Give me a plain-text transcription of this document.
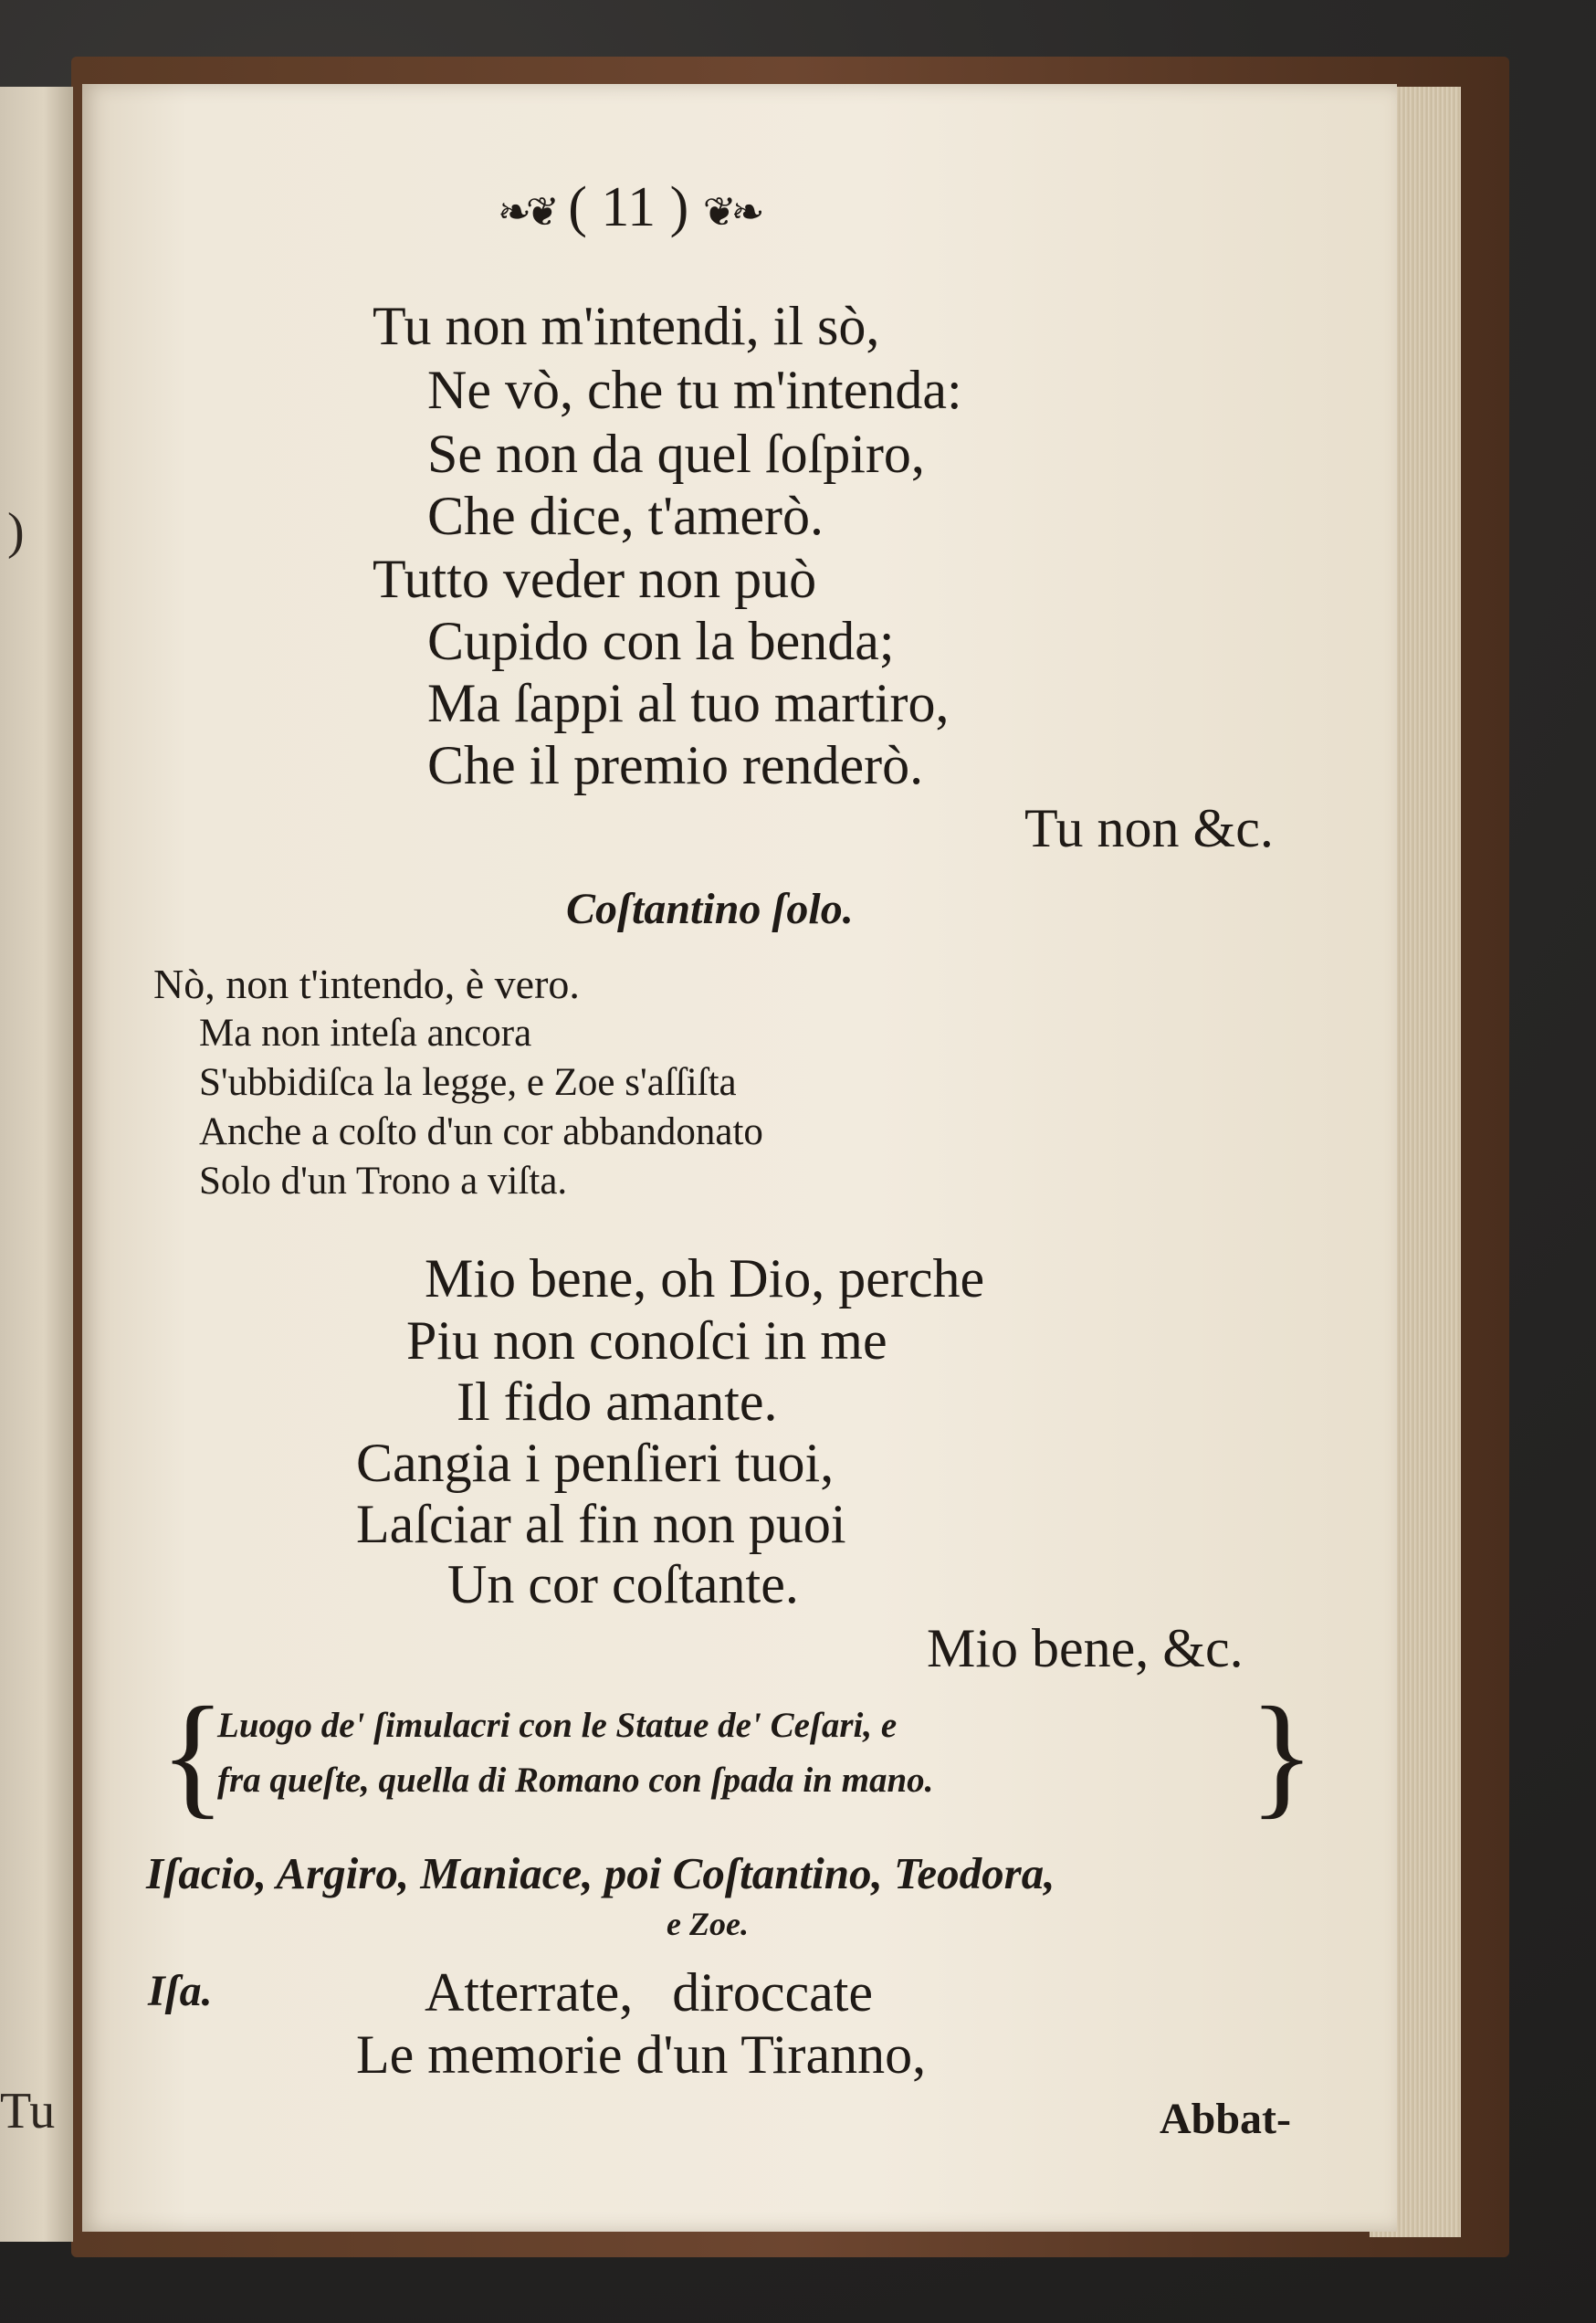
)
Tu
❧❦ ( 11 ) ❦❧
Tu non m'intendi, il sò,
Ne vò, che tu m'intenda:
Se non da quel ſoſpiro,
Che dice, t'amerò.
Tutto veder non può
Cupido con la benda;
Ma ſappi al tuo martiro,
Che il premio renderò.
Tu non &c.
Coſtantino ſolo.
Nò, non t'intendo, è vero.
Ma non inteſa ancora
S'ubbidiſca la legge, e Zoe s'aſſiſta
Anche a coſto d'un cor abbandonato
Solo d'un Trono a viſta.
Mio bene, oh Dio, perche
Piu non conoſci in me
Il fido amante.
Cangia i penſieri tuoi,
Laſciar al fin non puoi
Un cor coſtante.
Mio bene, &c.
{
Luogo de' ſimulacri con le Statue de' Ceſari, e
fra queſte, quella di Romano con ſpada in mano. }
Iſacio, Argiro, Maniace, poi Coſtantino, Teodora,
e Zoe.
Iſa.	Atterrate, diroccate
Le memorie d'un Tiranno,
Abbat-
